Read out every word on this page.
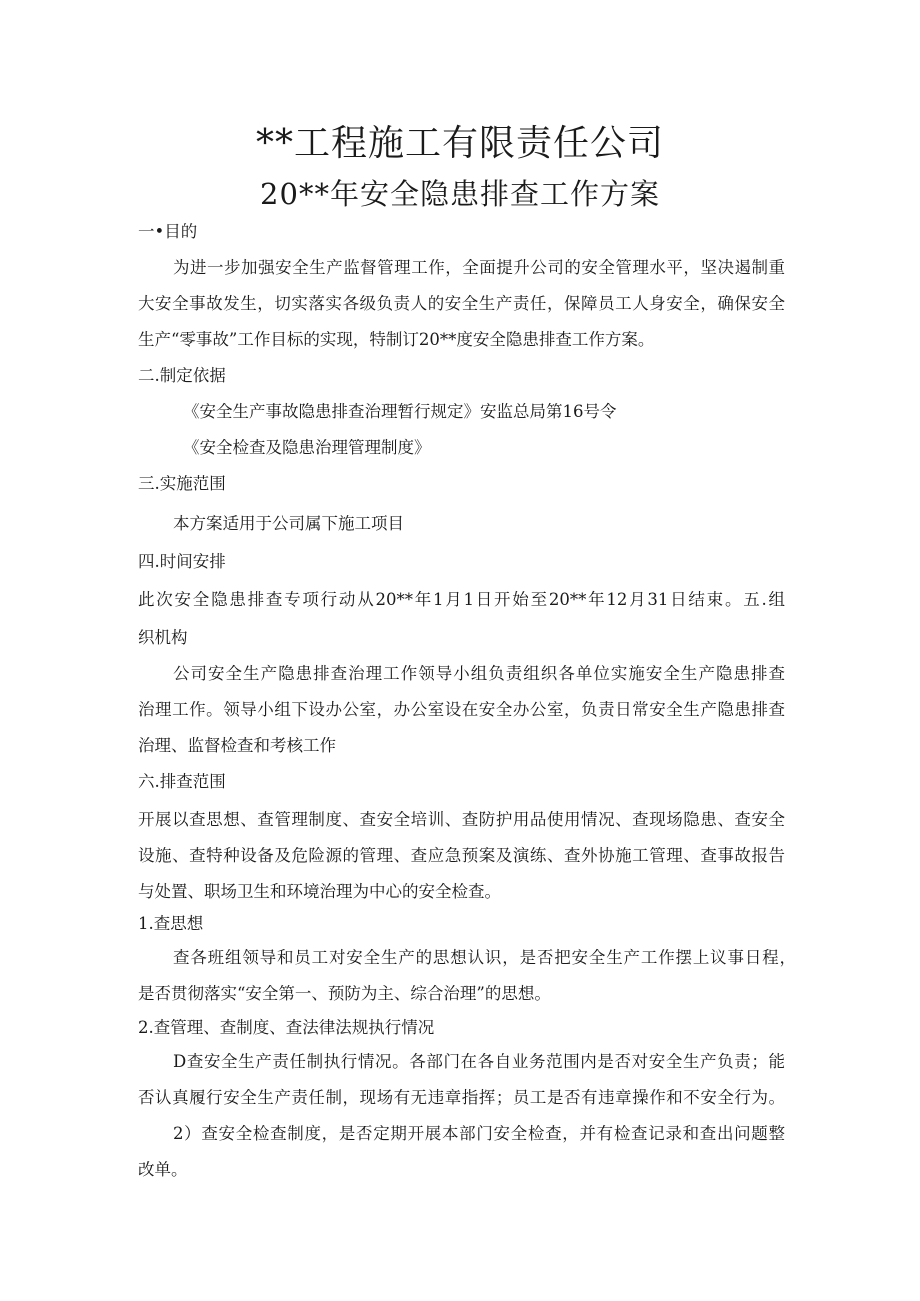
**工程施工有限责任公司
20**年安全隐患排查工作方案
一•目的
为进一步加强安全生产监督管理工作，全面提升公司的安全管理水平，坚决遏制重
大安全事故发生，切实落实各级负责人的安全生产责任，保障员工人身安全，确保安全
生产“零事故”工作目标的实现，特制订20**度安全隐患排查工作方案。
二.制定依据
《安全生产事故隐患排查治理暂行规定》安监总局第16号令
《安全检查及隐患治理管理制度》
三.实施范围
本方案适用于公司属下施工项目
四.时间安排
此次安全隐患排查专项行动从20**年1月1日开始至20**年12月31日结束。五.组
织机构
公司安全生产隐患排查治理工作领导小组负责组织各单位实施安全生产隐患排查
治理工作。领导小组下设办公室，办公室设在安全办公室，负责日常安全生产隐患排查
治理、监督检查和考核工作
六.排查范围
开展以查思想、查管理制度、查安全培训、查防护用品使用情况、查现场隐患、查安全
设施、查特种设备及危险源的管理、查应急预案及演练、查外协施工管理、查事故报告
与处置、职场卫生和环境治理为中心的安全检查。
1.查思想
查各班组领导和员工对安全生产的思想认识，是否把安全生产工作摆上议事日程，
是否贯彻落实“安全第一、预防为主、综合治理”的思想。
2.查管理、查制度、查法律法规执行情况
D查安全生产责任制执行情况。各部门在各自业务范围内是否对安全生产负责；能
否认真履行安全生产责任制，现场有无违章指挥；员工是否有违章操作和不安全行为。
2）查安全检查制度，是否定期开展本部门安全检查，并有检查记录和查出问题整
改单。
